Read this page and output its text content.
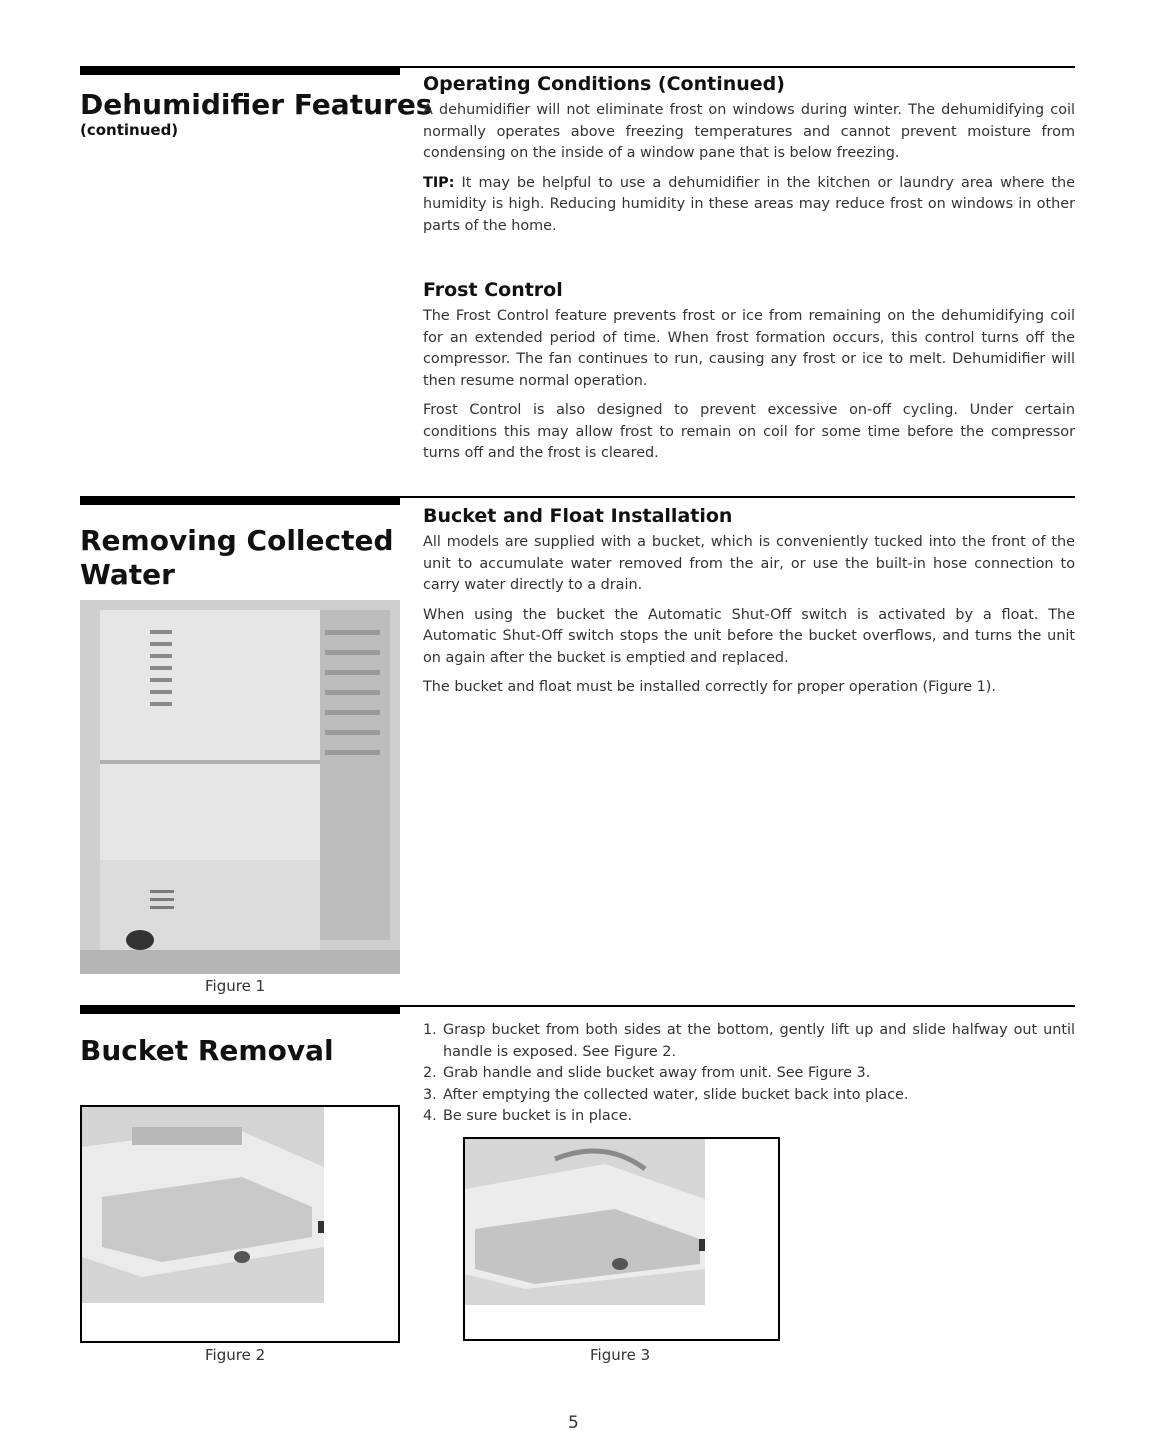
Dehumidifier Features
(continued)
Operating Conditions (Continued)

A dehumidifier will not eliminate frost on windows during winter. The dehumidifying coil normally operates above freezing temperatures and cannot prevent moisture from condensing on the inside of a window pane that is below freezing.

TIP: It may be helpful to use a dehumidifier in the kitchen or laundry area where the humidity is high. Reducing humidity in these areas may reduce frost on windows in other parts of the home.

Frost Control

The Frost Control feature prevents frost or ice from remaining on the dehumidifying coil for an extended period of time. When frost formation occurs, this control turns off the compressor. The fan continues to run, causing any frost or ice to melt. Dehumidifier will then resume normal operation.

Frost Control is also designed to prevent excessive on-off cycling. Under certain conditions this may allow frost to remain on coil for some time before the compressor turns off and the frost is cleared.

Removing Collected
Water
Bucket and Float Installation

All models are supplied with a bucket, which is conveniently tucked into the front of the unit to accumulate water removed from the air, or use the built-in hose connection to carry water directly to a drain.

When using the bucket the Automatic Shut-Off switch is activated by a float. The Automatic Shut-Off switch stops the unit before the bucket overflows, and turns the unit on again after the bucket is emptied and replaced.

The bucket and float must be installed correctly for proper operation (Figure 1).

Figure 1
Bucket Removal
1. Grasp bucket from both sides at the bottom, gently lift up and slide halfway out until handle is exposed. See Figure 2.
2. Grab handle and slide bucket away from unit. See Figure 3.
3. After emptying the collected water, slide bucket back into place.
4. Be sure bucket is in place.
Figure 2	Figure 3
5
